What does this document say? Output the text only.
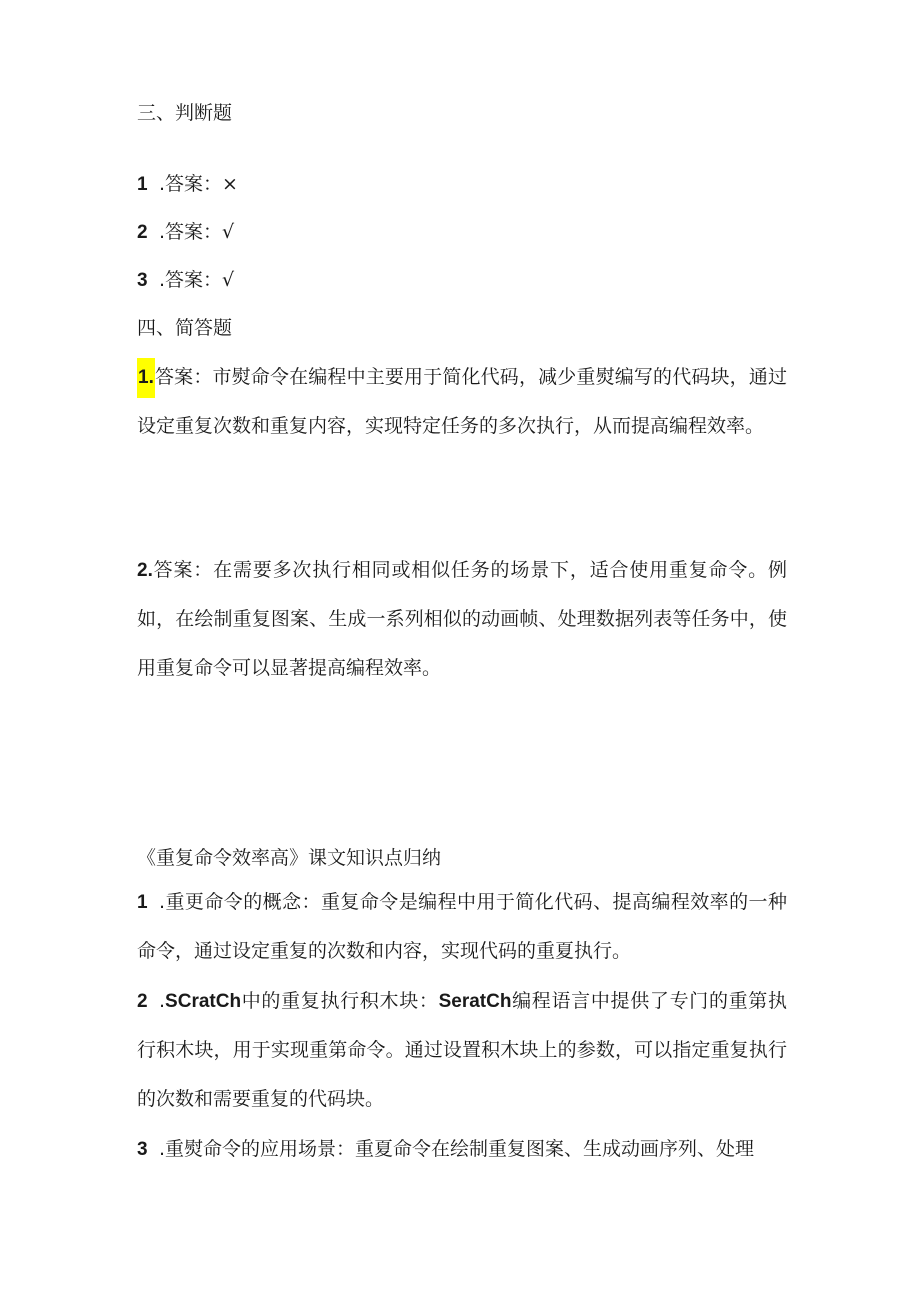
三、判断题
1 .答案：×
2 .答案：√
3 .答案：√
四、简答题
1.答案：市熨命令在编程中主要用于简化代码，减少重熨编写的代码块，通过设定重复次数和重复内容，实现特定任务的多次执行，从而提高编程效率。
2.答案：在需要多次执行相同或相似任务的场景下，适合使用重复命令。例如，在绘制重复图案、生成一系列相似的动画帧、处理数据列表等任务中，使用重复命令可以显著提高编程效率。
《重复命令效率高》课文知识点归纳
1 .重更命令的概念：重复命令是编程中用于简化代码、提高编程效率的一种命令，通过设定重复的次数和内容，实现代码的重夏执行。
2 .SCratCh中的重复执行积木块：SeratCh编程语言中提供了专门的重第执行积木块，用于实现重第命令。通过设置积木块上的参数，可以指定重复执行的次数和需要重复的代码块。
3 .重熨命令的应用场景：重夏命令在绘制重复图案、生成动画序列、处理
